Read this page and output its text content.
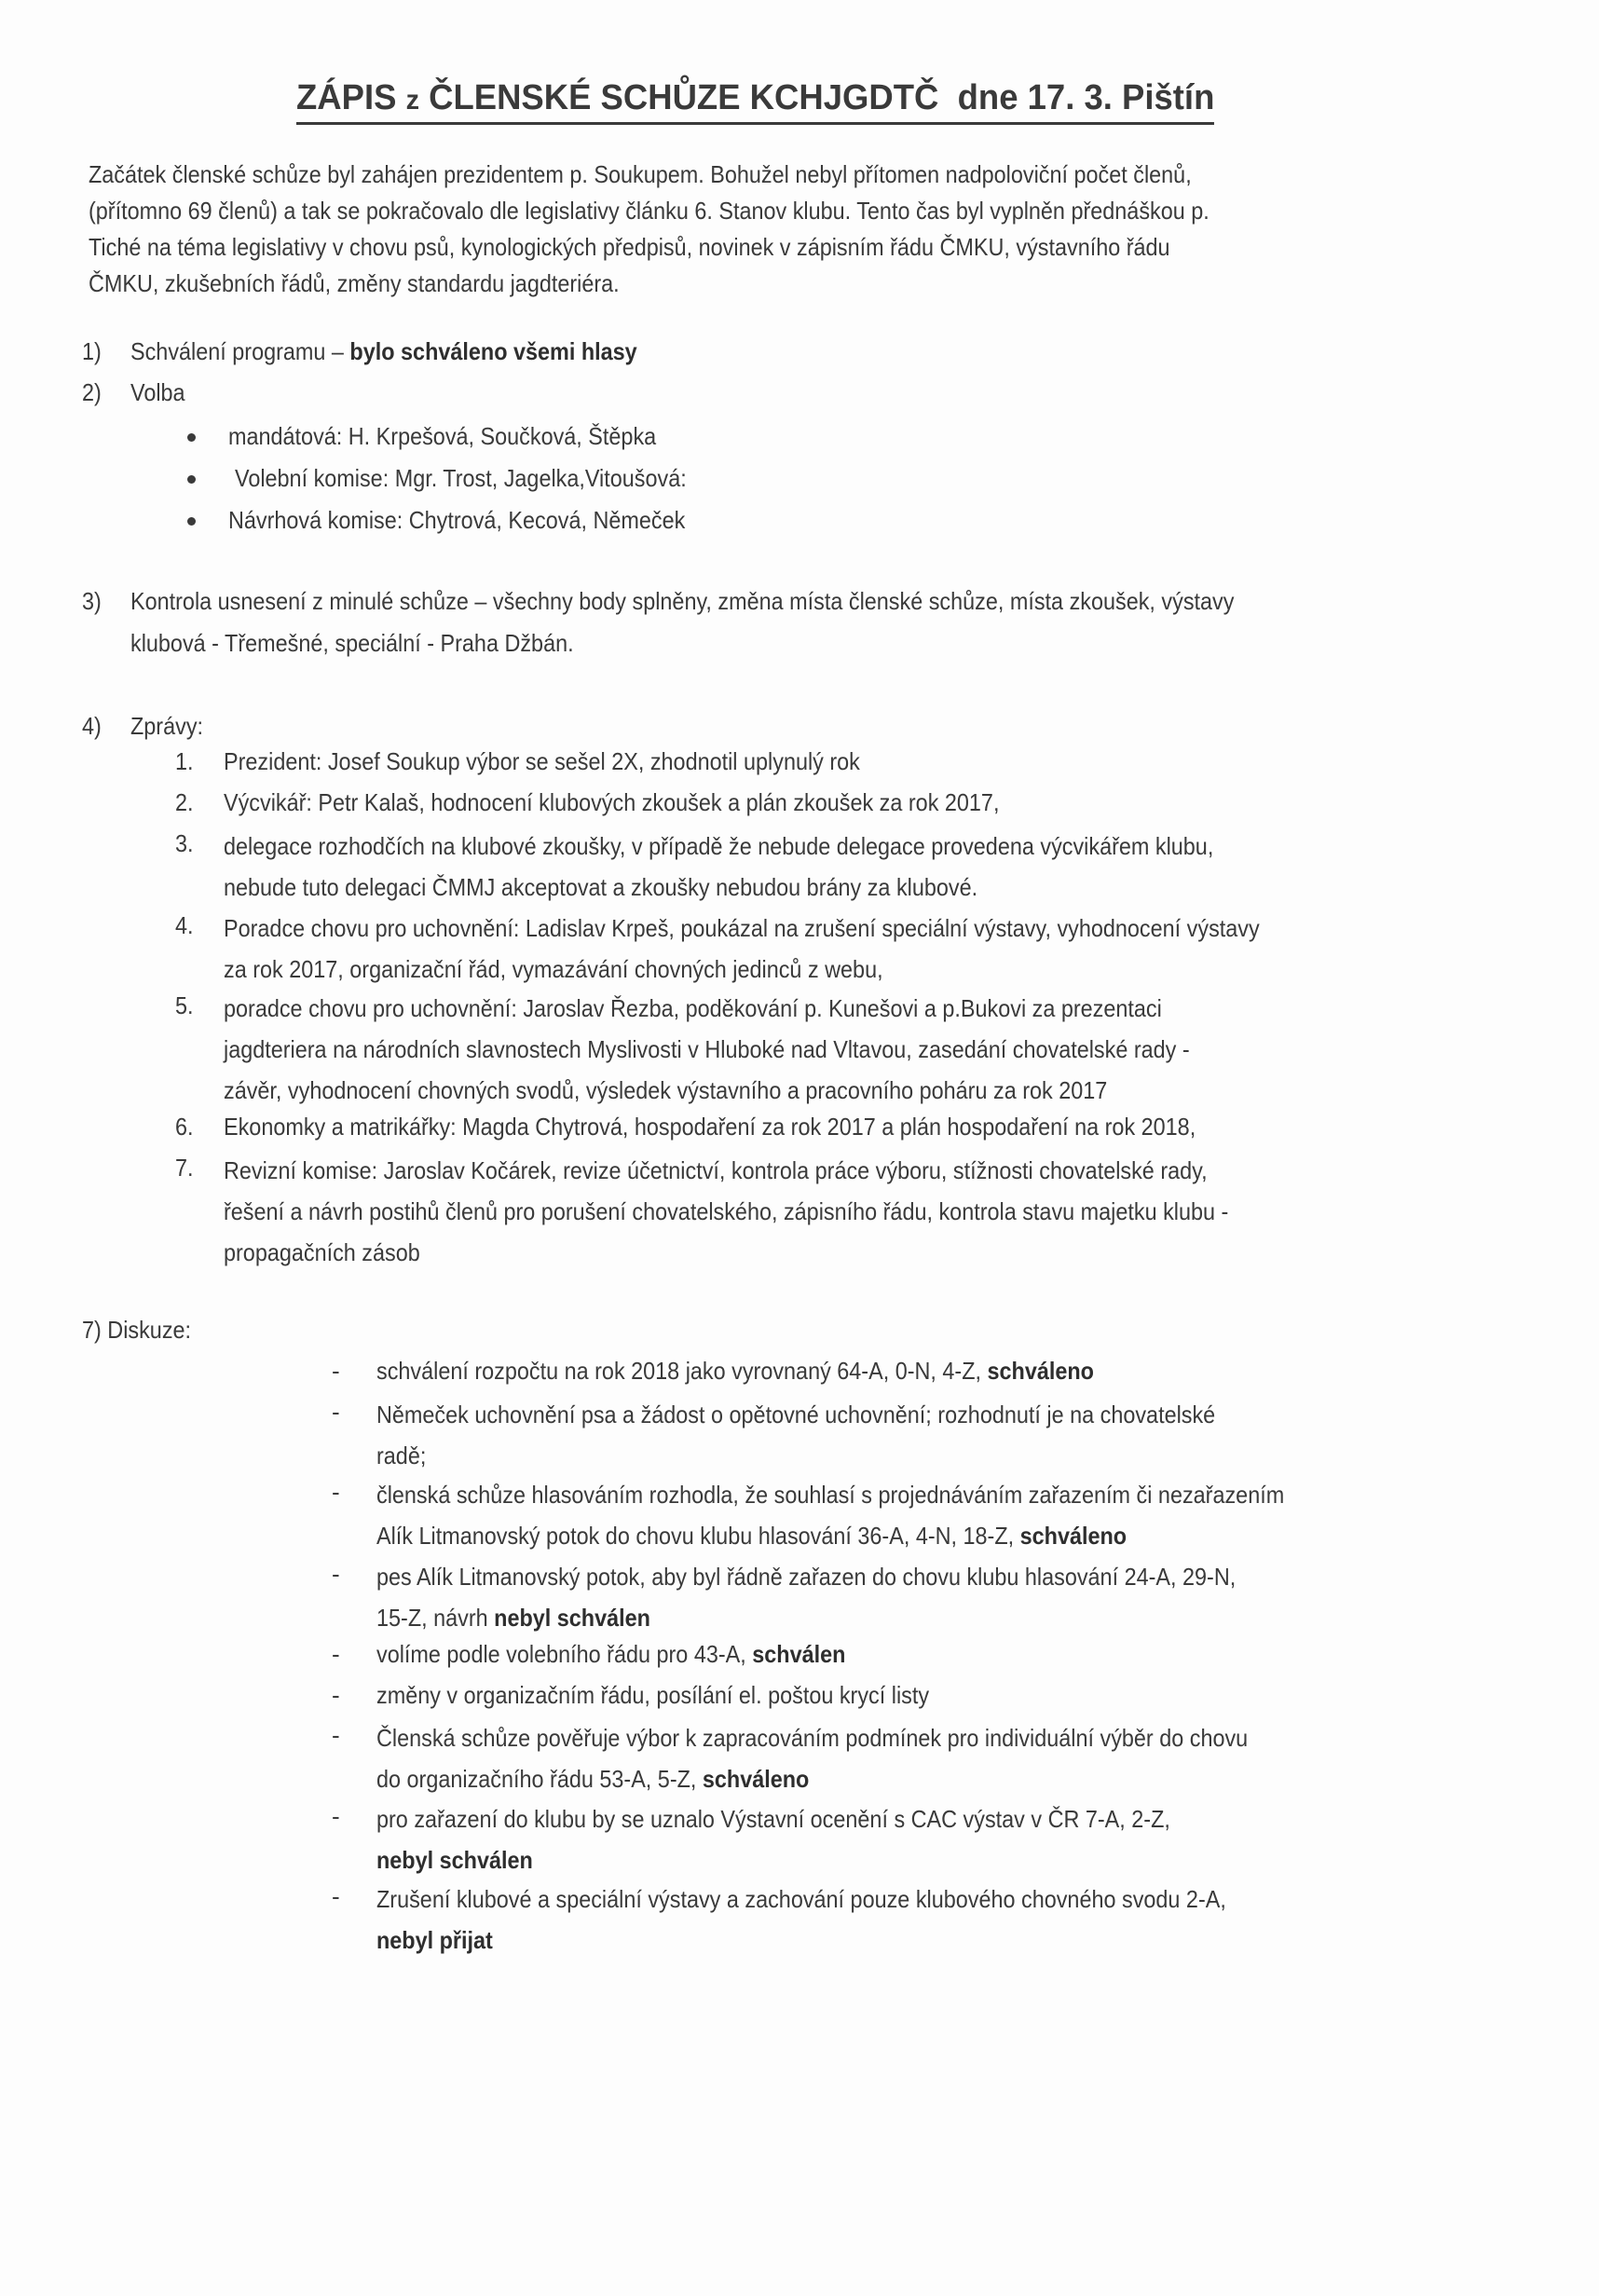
ZÁPIS z ČLENSKÉ SCHŮZE KCHJGDTČ dne 17. 3. Pištín
Začátek členské schůze byl zahájen prezidentem p. Soukupem. Bohužel nebyl přítomen nadpoloviční počet členů,
(přítomno 69 členů) a tak se pokračovalo dle legislativy článku 6. Stanov klubu. Tento čas byl vyplněn přednáškou p.
Tiché na téma legislativy v chovu psů, kynologických předpisů, novinek v zápisním řádu ČMKU, výstavního řádu
ČMKU, zkušebních řádů, změny standardu jagdteriéra.
1) Schválení programu – bylo schváleno všemi hlasy
2) Volba
mandátová: H. Krpešová, Součková, Štěpka
Volební komise: Mgr. Trost, Jagelka,Vitoušová:
Návrhová komise: Chytrová, Kecová, Němeček
3) Kontrola usnesení z minulé schůze – všechny body splněny, změna místa členské schůze, místa zkoušek, výstavy
klubová - Třemešné, speciální - Praha Džbán.
4) Zprávy:
1. Prezident: Josef Soukup výbor se sešel 2X, zhodnotil uplynulý rok
2. Výcvikář: Petr Kalaš, hodnocení klubových zkoušek a plán zkoušek za rok 2017,
3. delegace rozhodčích na klubové zkoušky, v případě že nebude delegace provedena výcvikářem klubu,
nebude tuto delegaci ČMMJ akceptovat a zkoušky nebudou brány za klubové.
4. Poradce chovu pro uchovnění: Ladislav Krpeš, poukázal na zrušení speciální výstavy, vyhodnocení výstavy
za rok 2017, organizační řád, vymazávání chovných jedinců z webu,
5. poradce chovu pro uchovnění: Jaroslav Řezba, poděkování p. Kunešovi a p.Bukovi za prezentaci
jagdteriera na národních slavnostech Myslivosti v Hluboké nad Vltavou, zasedání chovatelské rady -
závěr, vyhodnocení chovných svodů, výsledek výstavního a pracovního poháru za rok 2017
6. Ekonomky a matrikářky: Magda Chytrová, hospodaření za rok 2017 a plán hospodaření na rok 2018,
7. Revizní komise: Jaroslav Kočárek, revize účetnictví, kontrola práce výboru, stížnosti chovatelské rady,
řešení a návrh postihů členů pro porušení chovatelského, zápisního řádu, kontrola stavu majetku klubu -
propagačních zásob
7) Diskuze:
- schválení rozpočtu na rok 2018 jako vyrovnaný 64-A, 0-N, 4-Z, schváleno
- Němeček uchovnění psa a žádost o opětovné uchovnění; rozhodnutí je na chovatelské
radě;
- členská schůze hlasováním rozhodla, že souhlasí s projednáváním zařazením či nezařazením
Alík Litmanovský potok do chovu klubu hlasování 36-A, 4-N, 18-Z, schváleno
- pes Alík Litmanovský potok, aby byl řádně zařazen do chovu klubu hlasování 24-A, 29-N,
15-Z, návrh nebyl schválen
- volíme podle volebního řádu pro 43-A, schválen
- změny v organizačním řádu, posílání el. poštou krycí listy
- Členská schůze pověřuje výbor k zapracováním podmínek pro individuální výběr do chovu
do organizačního řádu 53-A, 5-Z, schváleno
- pro zařazení do klubu by se uznalo Výstavní ocenění s CAC výstav v ČR 7-A, 2-Z,
nebyl schválen
- Zrušení klubové a speciální výstavy a zachování pouze klubového chovného svodu 2-A,
nebyl přijat
